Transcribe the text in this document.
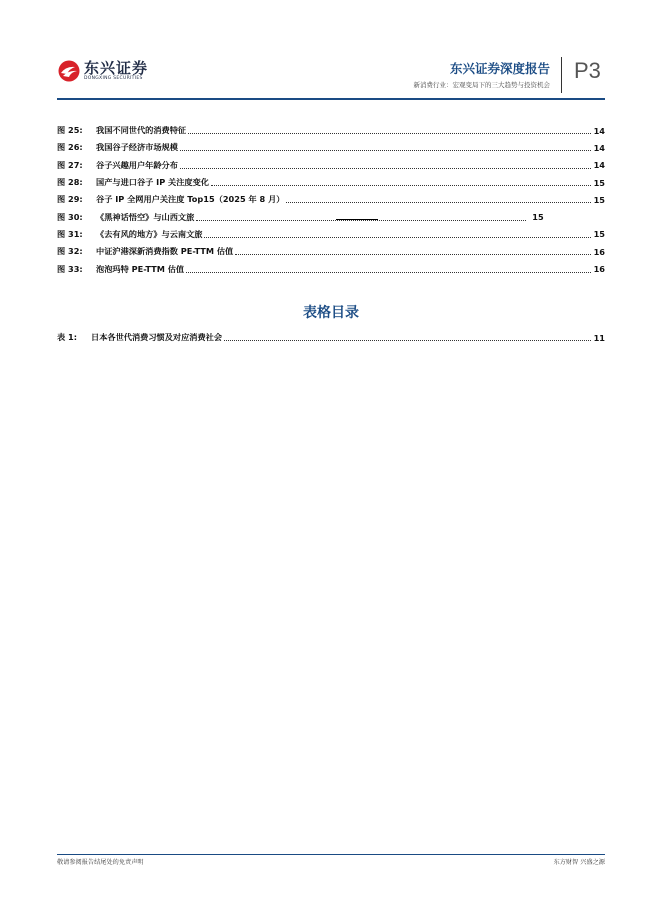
东兴证券
DONGXING SECURITIES
东兴证券深度报告
新消费行业：宏观变局下的三大趋势与投资机会
P3
图 25:	我国不同世代的消费特征	14
图 26:	我国谷子经济市场规模	14
图 27:	谷子兴趣用户年龄分布	14
图 28:	国产与进口谷子 IP 关注度变化	15
图 29:	谷子 IP 全网用户关注度 Top15（2025 年 8 月）	15
图 30:	《黑神话悟空》与山西文旅	15
图 31:	《去有风的地方》与云南文旅	15
图 32:	中证沪港深新消费指数 PE-TTM 估值	16
图 33:	泡泡玛特 PE-TTM 估值	16
表格目录
表 1:	日本各世代消费习惯及对应消费社会	11
敬请参阅报告结尾处的免责声明	东方财智 兴盛之源
